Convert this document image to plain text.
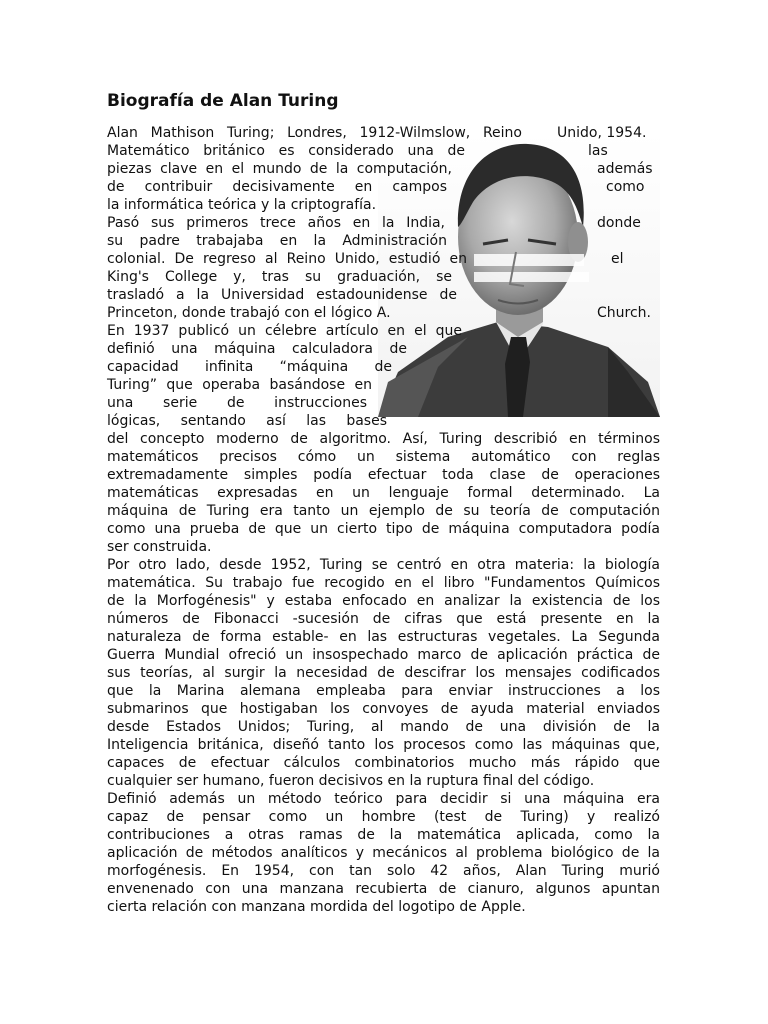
Biografía de Alan Turing
Alan Mathison Turing; Londres, 1912-Wilmslow, Reino	Unido, 1954.
Matemático británico es considerado una de	las
piezas clave en el mundo de la computación,	además
de contribuir decisivamente en campos	como
la informática teórica y la criptografía.
Pasó sus primeros trece años en la India,	donde
su padre trabajaba en la Administración
colonial. De regreso al Reino Unido, estudió en	el
King's College y, tras su graduación, se
trasladó a la Universidad estadounidense de
Princeton, donde trabajó con el lógico A.	Church.
En 1937 publicó un célebre artículo en el que
definió una máquina calculadora de
capacidad infinita “máquina de
Turing” que operaba basándose en
una serie de instrucciones
lógicas, sentando así las bases
del concepto moderno de algoritmo. Así, Turing describió en términos
matemáticos precisos cómo un sistema automático con reglas
extremadamente simples podía efectuar toda clase de operaciones
matemáticas expresadas en un lenguaje formal determinado. La
máquina de Turing era tanto un ejemplo de su teoría de computación
como una prueba de que un cierto tipo de máquina computadora podía
ser construida.
Por otro lado, desde 1952, Turing se centró en otra materia: la biología
matemática. Su trabajo fue recogido en el libro "Fundamentos Químicos
de la Morfogénesis" y estaba enfocado en analizar la existencia de los
números de Fibonacci -sucesión de cifras que está presente en la
naturaleza de forma estable- en las estructuras vegetales. La Segunda
Guerra Mundial ofreció un insospechado marco de aplicación práctica de
sus teorías, al surgir la necesidad de descifrar los mensajes codificados
que la Marina alemana empleaba para enviar instrucciones a los
submarinos que hostigaban los convoyes de ayuda material enviados
desde Estados Unidos; Turing, al mando de una división de la
Inteligencia británica, diseñó tanto los procesos como las máquinas que,
capaces de efectuar cálculos combinatorios mucho más rápido que
cualquier ser humano, fueron decisivos en la ruptura final del código.
Definió además un método teórico para decidir si una máquina era
capaz de pensar como un hombre (test de Turing) y realizó
contribuciones a otras ramas de la matemática aplicada, como la
aplicación de métodos analíticos y mecánicos al problema biológico de la
morfogénesis. En 1954, con tan solo 42 años, Alan Turing murió
envenenado con una manzana recubierta de cianuro, algunos apuntan
cierta relación con manzana mordida del logotipo de Apple.
